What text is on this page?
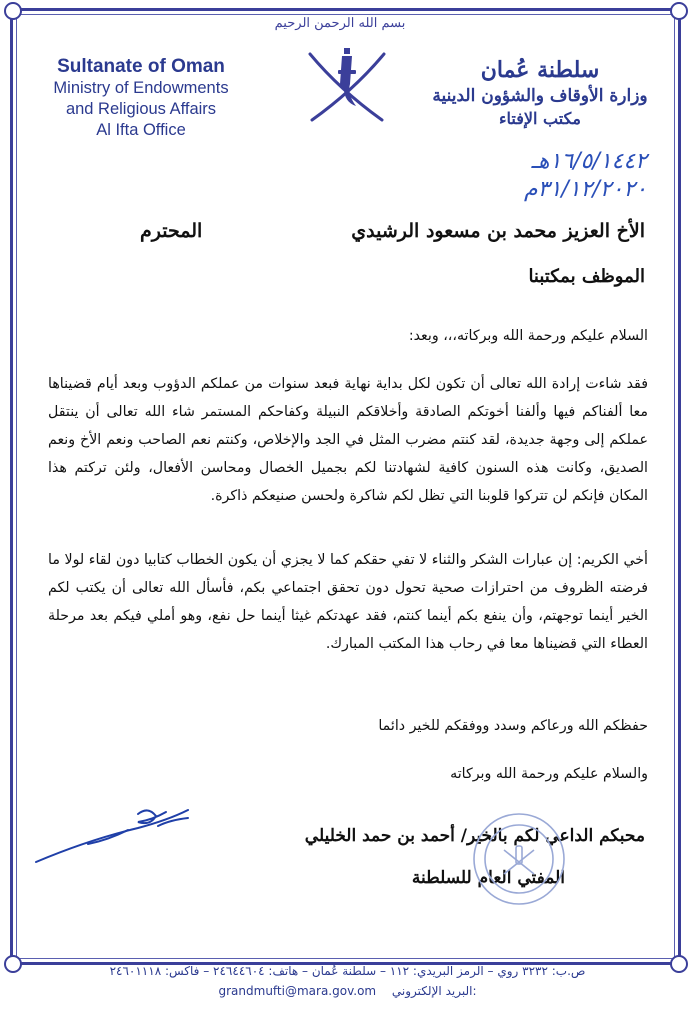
بسم الله الرحمن الرحيم
Sultanate of Oman
Ministry of Endowments
and Religious Affairs
Al Ifta Office
سلطنة عُمان
وزارة الأوقاف والشؤون الدينية
مكتب الإفتاء
١٦/٥/١٤٤٢هـ
٣١/١٢/٢٠٢٠م
الأخ العزيز محمد بن مسعود الرشيدي
المحترم
الموظف بمكتبنا
السلام عليكم ورحمة الله وبركاته،،، وبعد:
فقد شاءت إرادة الله تعالى أن تكون لكل بداية نهاية فبعد سنوات من عملكم الدؤوب وبعد أيام قضيناها معا ألفناكم فيها وألفنا أخوتكم الصادقة وأخلاقكم النبيلة وكفاحكم المستمر شاء الله تعالى أن ينتقل عملكم إلى وجهة جديدة، لقد كنتم مضرب المثل في الجد والإخلاص، وكنتم نعم الصاحب ونعم الأخ ونعم الصديق، وكانت هذه السنون كافية لشهادتنا لكم بجميل الخصال ومحاسن الأفعال، ولئن تركتم هذا المكان فإنكم لن تتركوا قلوبنا التي تظل لكم شاكرة ولحسن صنيعكم ذاكرة.
أخي الكريم: إن عبارات الشكر والثناء لا تفي حقكم كما لا يجزي أن يكون الخطاب كتابيا دون لقاء لولا ما فرضته الظروف من احترازات صحية تحول دون تحقق اجتماعي بكم، فأسأل الله تعالى أن يكتب لكم الخير أينما توجهتم، وأن ينفع بكم أينما كنتم، فقد عهدتكم غيثا أينما حل نفع، وهو أملي فيكم بعد مرحلة العطاء التي قضيناها معا في رحاب هذا المكتب المبارك.
حفظكم الله ورعاكم وسدد ووفقكم للخير دائما
والسلام عليكم ورحمة الله وبركاته
محبكم الداعي لكم بالخير/ أحمد بن حمد الخليلي
المفتي العام للسلطنة
ص.ب: ٣٢٣٢ روي – الرمز البريدي: ١١٢ – سلطنة عُمان – هاتف: ٢٤٦٤٤٦٠٤ – فاكس: ٢٤٦٠١١١٨
grandmufti@mara.gov.om البريد الإلكتروني:
